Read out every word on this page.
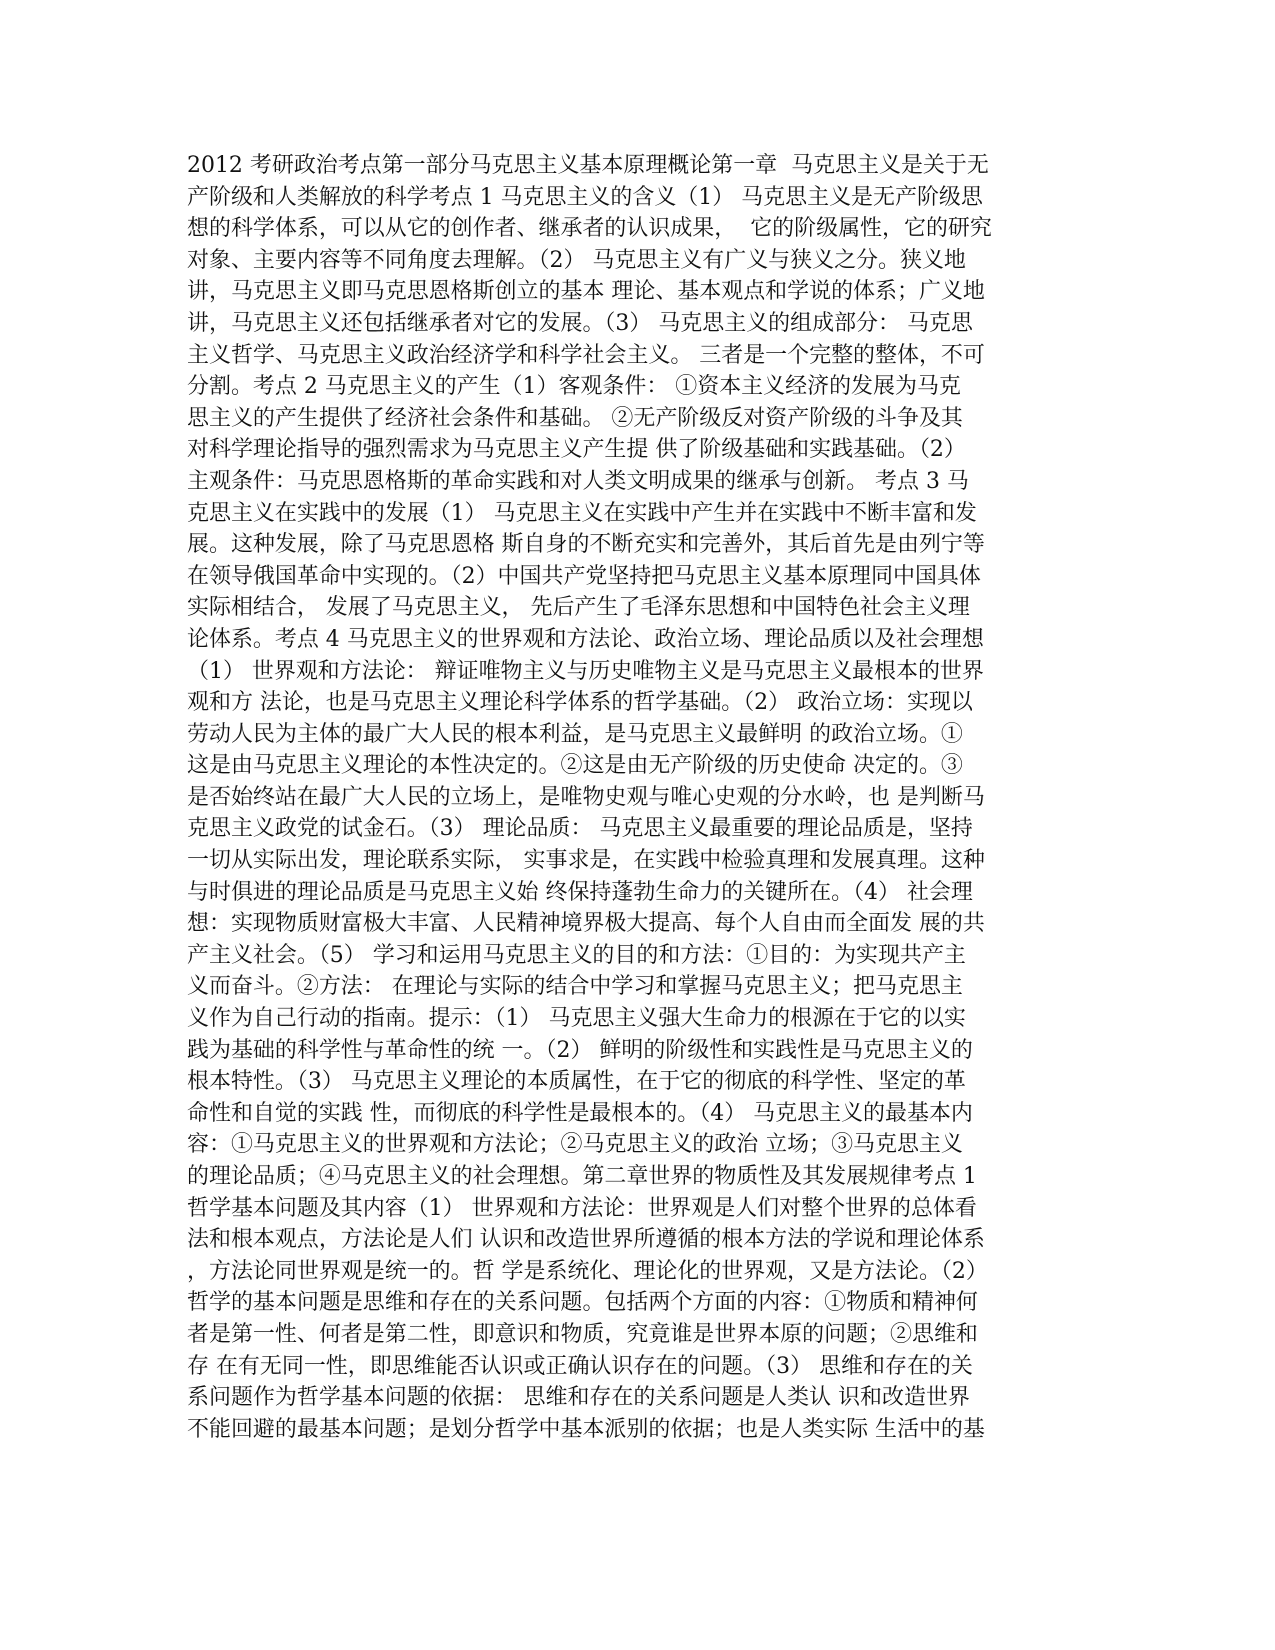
2012 考研政治考点第一部分马克思主义基本原理概论第一章  马克思主义是关于无
产阶级和人类解放的科学考点 1 马克思主义的含义（1） 马克思主义是无产阶级思
想的科学体系，可以从它的创作者、继承者的认识成果，  它的阶级属性，它的研究
对象、主要内容等不同角度去理解。（2） 马克思主义有广义与狭义之分。狭义地
讲，马克思主义即马克思恩格斯创立的基本 理论、基本观点和学说的体系；广义地
讲，马克思主义还包括继承者对它的发展。（3） 马克思主义的组成部分： 马克思
主义哲学、马克思主义政治经济学和科学社会主义。 三者是一个完整的整体，不可
分割。考点 2 马克思主义的产生（1）客观条件： ①资本主义经济的发展为马克
思主义的产生提供了经济社会条件和基础。 ②无产阶级反对资产阶级的斗争及其
对科学理论指导的强烈需求为马克思主义产生提 供了阶级基础和实践基础。（2）
主观条件：马克思恩格斯的革命实践和对人类文明成果的继承与创新。 考点 3 马
克思主义在实践中的发展（1） 马克思主义在实践中产生并在实践中不断丰富和发
展。这种发展，除了马克思恩格 斯自身的不断充实和完善外，其后首先是由列宁等
在领导俄国革命中实现的。（2）中国共产党坚持把马克思主义基本原理同中国具体
实际相结合， 发展了马克思主义， 先后产生了毛泽东思想和中国特色社会主义理
论体系。考点 4 马克思主义的世界观和方法论、政治立场、理论品质以及社会理想
（1） 世界观和方法论： 辩证唯物主义与历史唯物主义是马克思主义最根本的世界
观和方 法论，也是马克思主义理论科学体系的哲学基础。（2） 政治立场：实现以
劳动人民为主体的最广大人民的根本利益，是马克思主义最鲜明 的政治立场。①
这是由马克思主义理论的本性决定的。②这是由无产阶级的历史使命 决定的。③
是否始终站在最广大人民的立场上，是唯物史观与唯心史观的分水岭，也 是判断马
克思主义政党的试金石。（3） 理论品质： 马克思主义最重要的理论品质是，坚持
一切从实际出发，理论联系实际， 实事求是，在实践中检验真理和发展真理。这种
与时俱进的理论品质是马克思主义始 终保持蓬勃生命力的关键所在。（4） 社会理
想：实现物质财富极大丰富、人民精神境界极大提高、每个人自由而全面发 展的共
产主义社会。（5） 学习和运用马克思主义的目的和方法：①目的：为实现共产主
义而奋斗。②方法： 在理论与实际的结合中学习和掌握马克思主义；把马克思主
义作为自己行动的指南。提示：（1） 马克思主义强大生命力的根源在于它的以实
践为基础的科学性与革命性的统 一。（2） 鲜明的阶级性和实践性是马克思主义的
根本特性。（3） 马克思主义理论的本质属性，在于它的彻底的科学性、坚定的革
命性和自觉的实践 性，而彻底的科学性是最根本的。（4） 马克思主义的最基本内
容：①马克思主义的世界观和方法论；②马克思主义的政治 立场；③马克思主义
的理论品质；④马克思主义的社会理想。第二章世界的物质性及其发展规律考点 1
哲学基本问题及其内容（1） 世界观和方法论：世界观是人们对整个世界的总体看
法和根本观点，方法论是人们 认识和改造世界所遵循的根本方法的学说和理论体系
，方法论同世界观是统一的。哲 学是系统化、理论化的世界观，又是方法论。（2）
哲学的基本问题是思维和存在的关系问题。包括两个方面的内容：①物质和精神何
者是第一性、何者是第二性，即意识和物质，究竟谁是世界本原的问题；②思维和
存 在有无同一性，即思维能否认识或正确认识存在的问题。（3） 思维和存在的关
系问题作为哲学基本问题的依据： 思维和存在的关系问题是人类认 识和改造世界
不能回避的最基本问题；是划分哲学中基本派别的依据；也是人类实际 生活中的基
